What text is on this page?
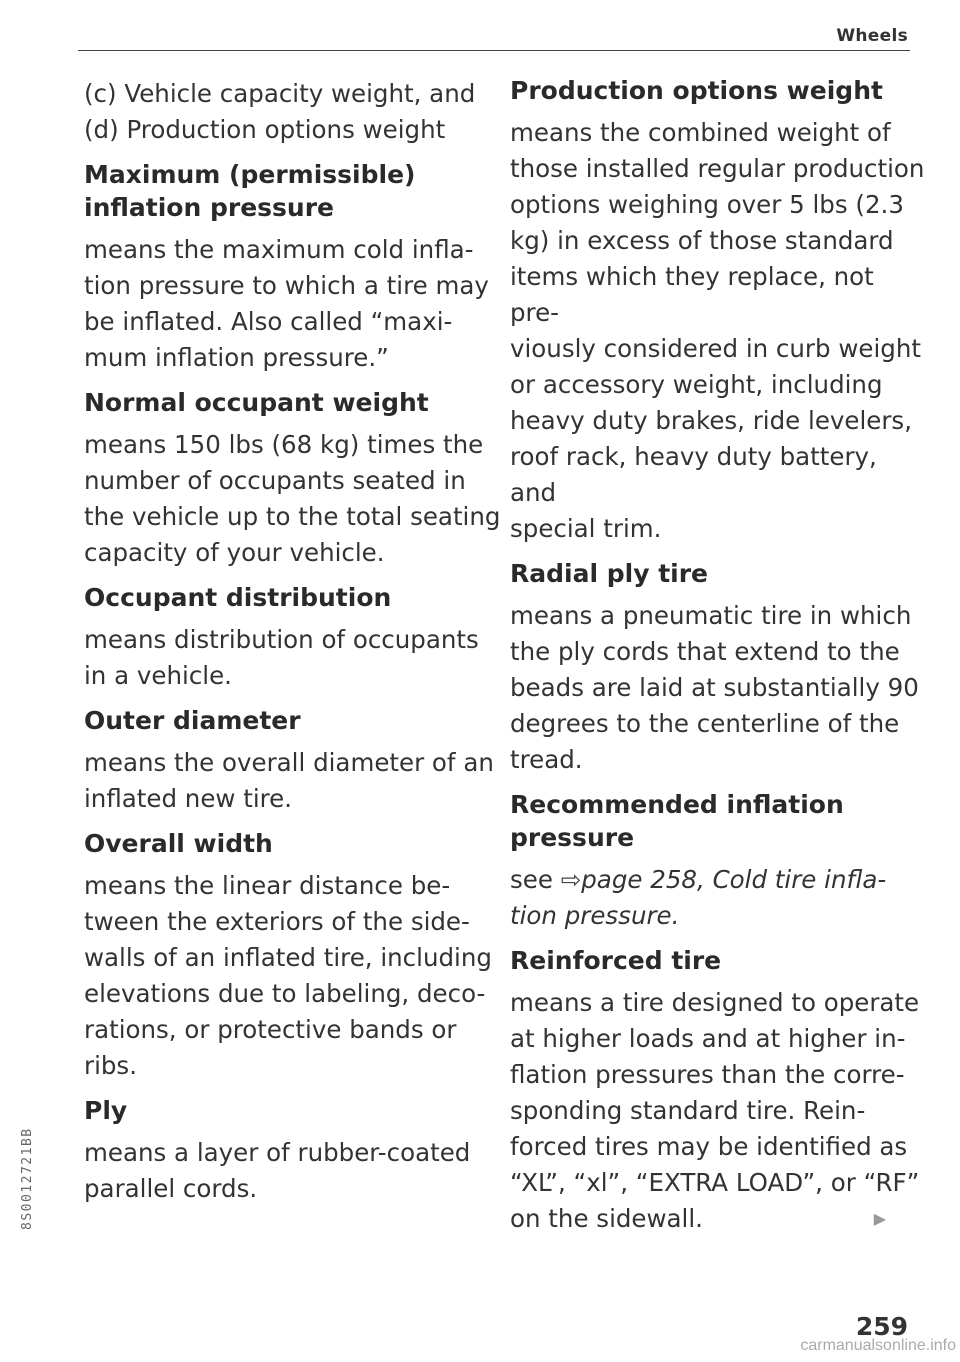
Wheels

(c) Vehicle capacity weight, and

(d) Production options weight

Maximum (permissible)
inflation pressure

means the maximum cold infla-

tion pressure to which a tire may

be inflated. Also called “maxi-

mum inflation pressure.”

Normal occupant weight

means 150 lbs (68 kg) times the

number of occupants seated in

the vehicle up to the total seating

capacity of your vehicle.

Occupant distribution

means distribution of occupants

in a vehicle.

Outer diameter

means the overall diameter of an

inflated new tire.

Overall width

means the linear distance be-

tween the exteriors of the side-

walls of an inflated tire, including

elevations due to labeling, deco-

rations, or protective bands or

ribs.

Ply

means a layer of rubber-coated

parallel cords.

Production options weight

means the combined weight of

those installed regular production

options weighing over 5 lbs (2.3

kg) in excess of those standard

items which they replace, not pre-

viously considered in curb weight

or accessory weight, including

heavy duty brakes, ride levelers,

roof rack, heavy duty battery, and

special trim.

Radial ply tire

means a pneumatic tire in which

the ply cords that extend to the

beads are laid at substantially 90

degrees to the centerline of the

tread.

Recommended inflation
pressure

see ⇨page 258, Cold tire infla-

tion pressure.

Reinforced tire

means a tire designed to operate

at higher loads and at higher in-

flation pressures than the corre-

sponding standard tire. Rein-

forced tires may be identified as

“XL”, “xl”, “EXTRA LOAD”, or “RF”

on the sidewall.	▶

259
8S0012721BB
carmanualsonline.info
